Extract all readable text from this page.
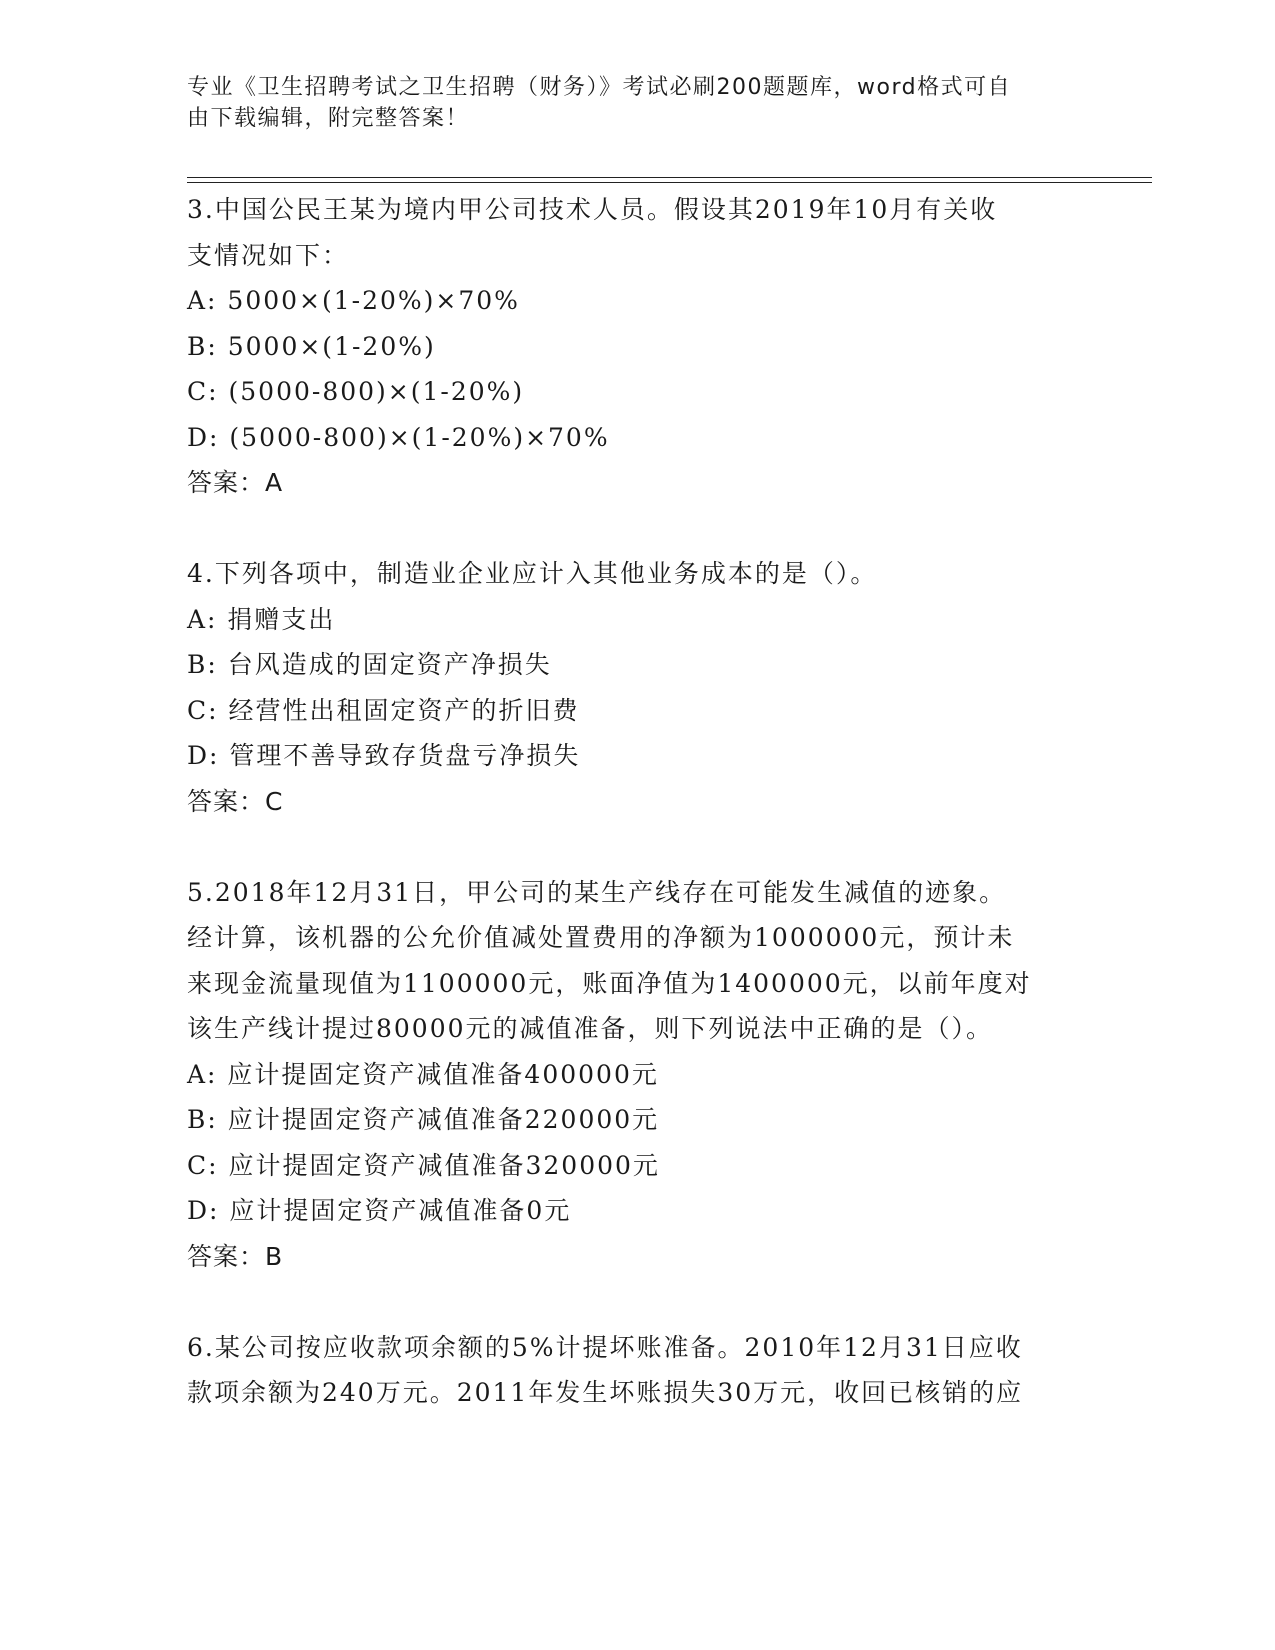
专业《卫生招聘考试之卫生招聘（财务）》考试必刷200题题库，word格式可自
由下载编辑，附完整答案！
3.中国公民王某为境内甲公司技术人员。假设其2019年10月有关收
支情况如下：
A: 5000×(1-20%)×70%
B: 5000×(1-20%)
C: (5000-800)×(1-20%)
D: (5000-800)×(1-20%)×70%
答案：A
4.下列各项中，制造业企业应计入其他业务成本的是（）。
A: 捐赠支出
B: 台风造成的固定资产净损失
C: 经营性出租固定资产的折旧费
D: 管理不善导致存货盘亏净损失
答案：C
5.2018年12月31日，甲公司的某生产线存在可能发生减值的迹象。
经计算，该机器的公允价值减处置费用的净额为1000000元，预计未
来现金流量现值为1100000元，账面净值为1400000元，以前年度对
该生产线计提过80000元的减值准备，则下列说法中正确的是（）。
A: 应计提固定资产减值准备400000元
B: 应计提固定资产减值准备220000元
C: 应计提固定资产减值准备320000元
D: 应计提固定资产减值准备0元
答案：B
6.某公司按应收款项余额的5%计提坏账准备。2010年12月31日应收
款项余额为240万元。2011年发生坏账损失30万元，收回已核销的应
